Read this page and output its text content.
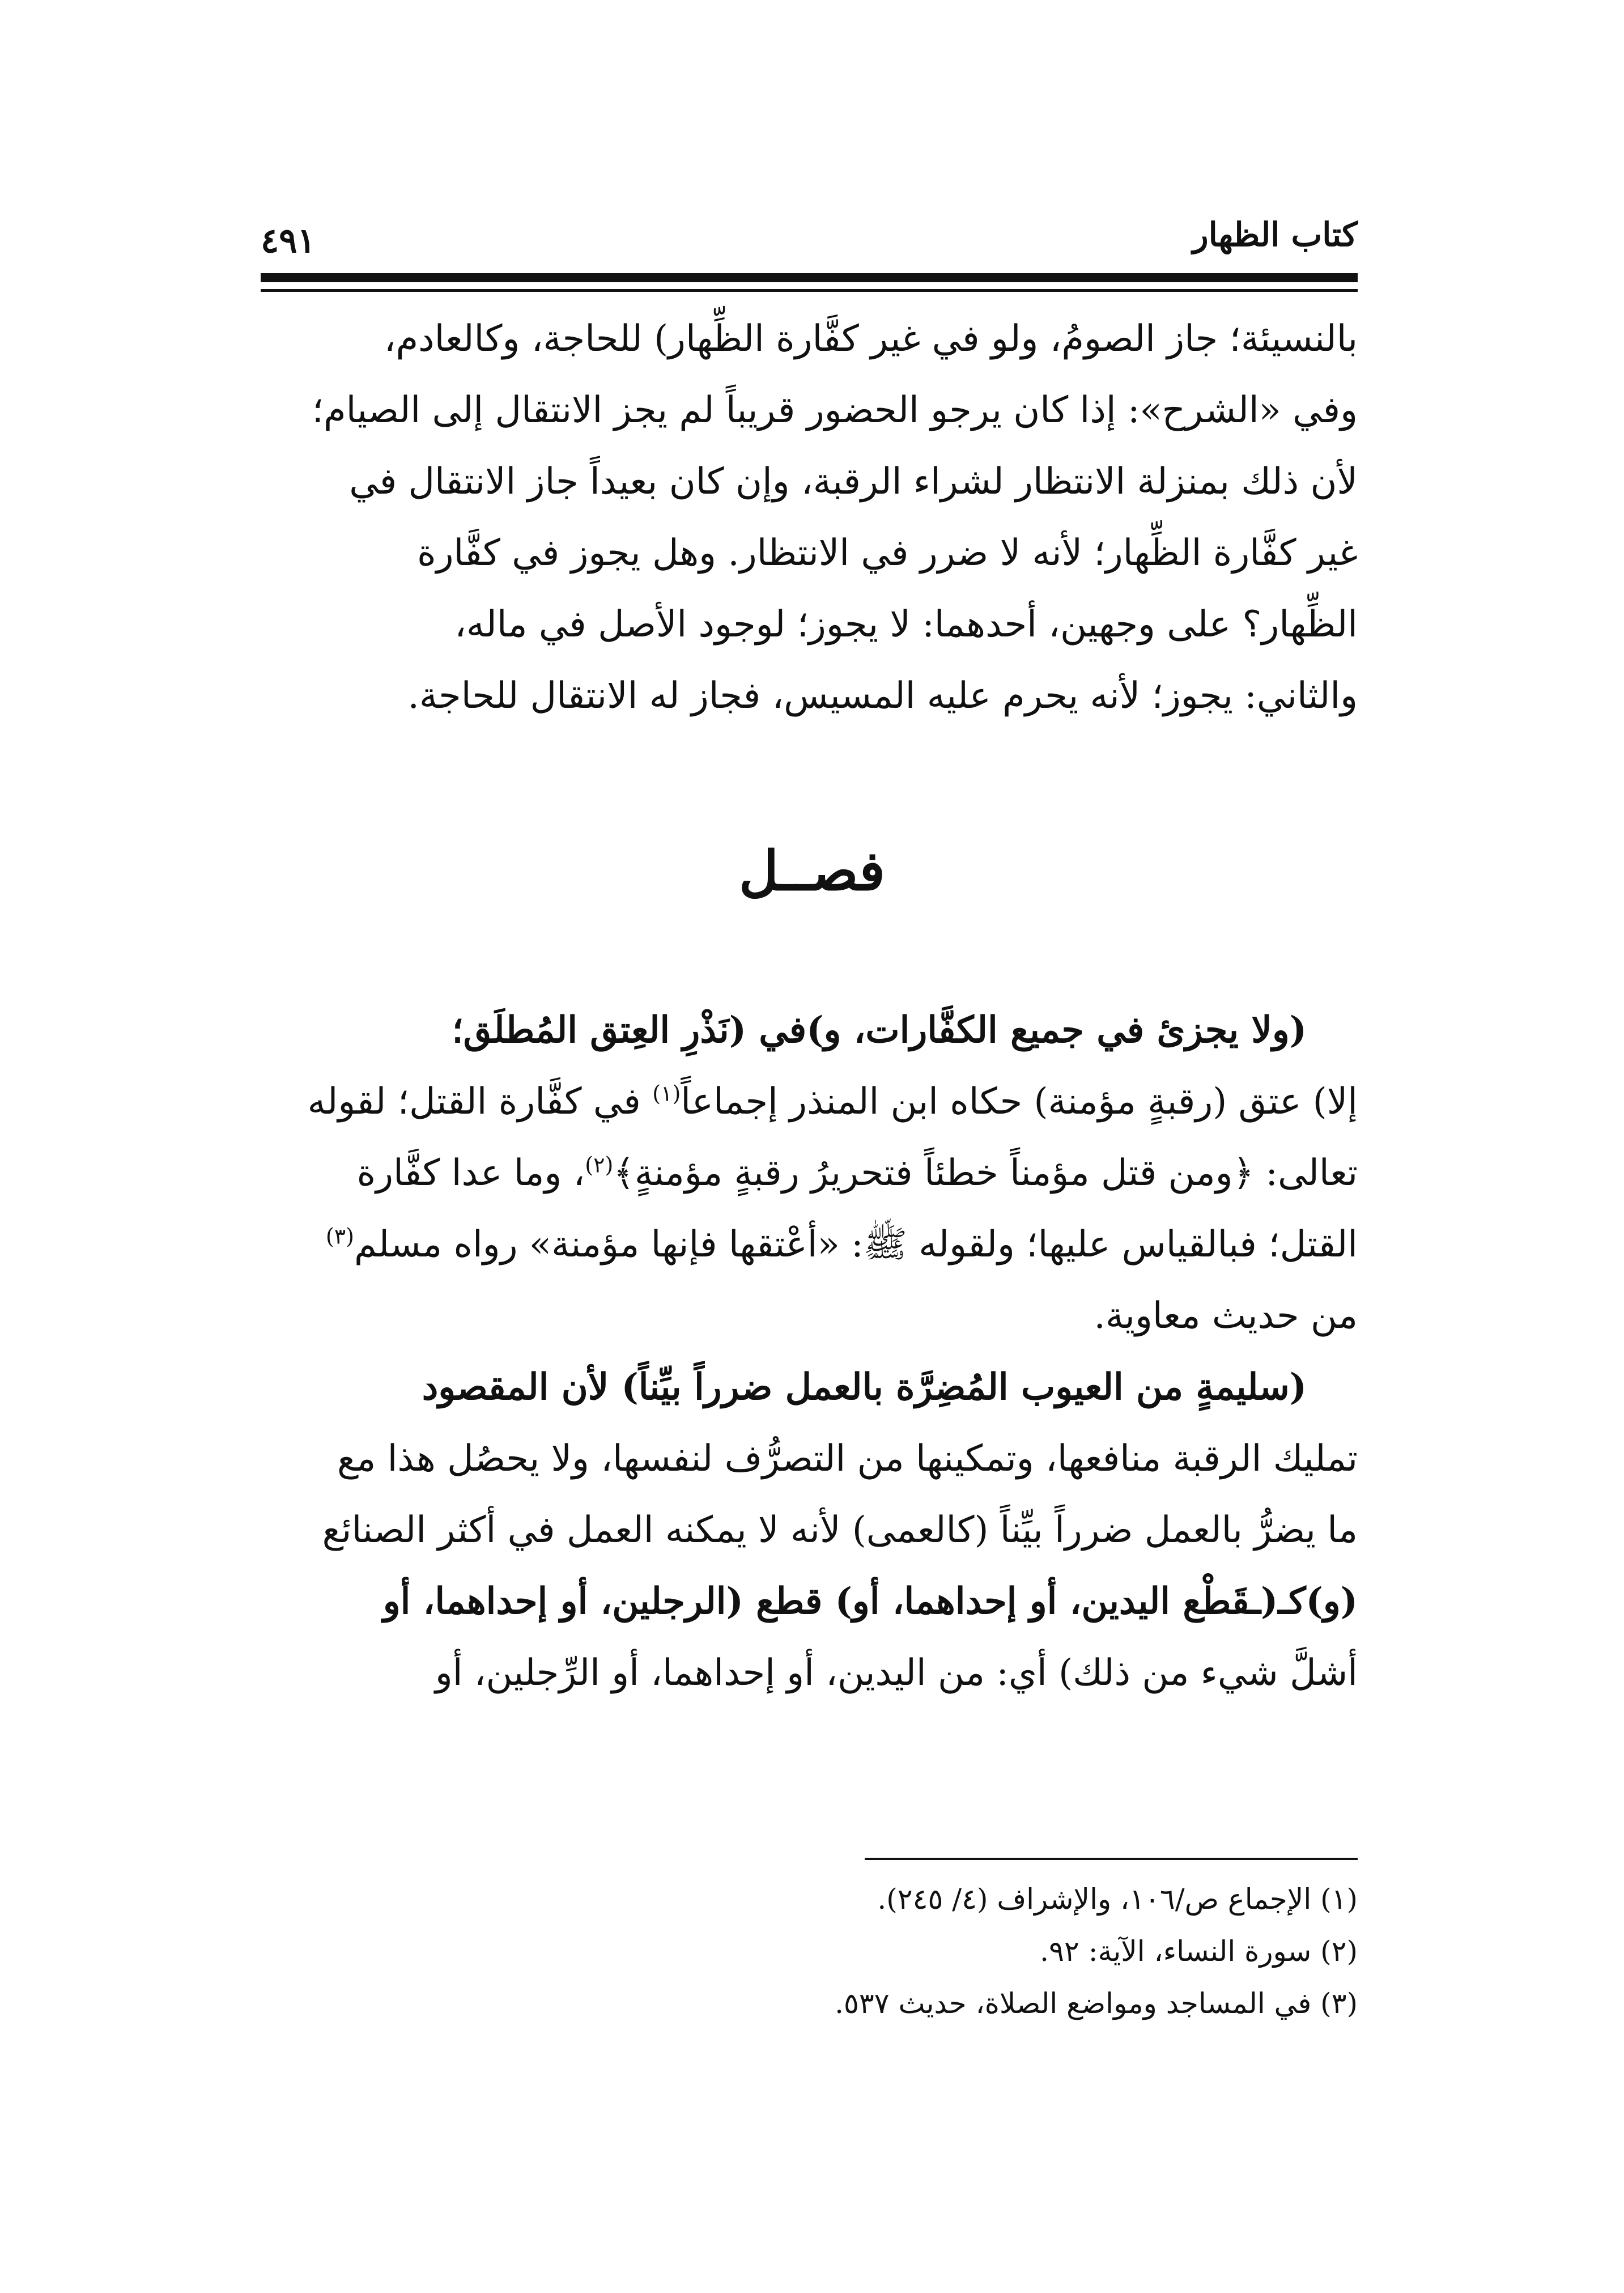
كتاب الظهار
٤٩١
بالنسيئة؛ جاز الصومُ، ولو في غير كفَّارة الظِّهار) للحاجة، وكالعادم،
وفي «الشرح»: إذا كان يرجو الحضور قريباً لم يجز الانتقال إلى الصيام؛
لأن ذلك بمنزلة الانتظار لشراء الرقبة، وإن كان بعيداً جاز الانتقال في
غير كفَّارة الظِّهار؛ لأنه لا ضرر في الانتظار. وهل يجوز في كفَّارة
الظِّهار؟ على وجهين، أحدهما: لا يجوز؛ لوجود الأصل في ماله،
والثاني: يجوز؛ لأنه يحرم عليه المسيس، فجاز له الانتقال للحاجة.
فصــل
(ولا يجزئ في جميع الكفَّارات، و)في (نَذْرِ العِتق المُطلَق؛
إلا) عتق (رقبةٍ مؤمنة) حكاه ابن المنذر إجماعاً$^{(١)}$ في كفَّارة القتل؛ لقوله
تعالى: ﴿ومن قتل مؤمناً خطئاً فتحريرُ رقبةٍ مؤمنةٍ﴾$^{(٢)}$، وما عدا كفَّارة
القتل؛ فبالقياس عليها؛ ولقوله ﷺ: «أعْتقها فإنها مؤمنة» رواه مسلم$^{(٣)}$
من حديث معاوية.
(سليمةٍ من العيوب المُضِرَّة بالعمل ضرراً بيِّناً) لأن المقصود
تمليك الرقبة منافعها، وتمكينها من التصرُّف لنفسها، ولا يحصُل هذا مع
ما يضرُّ بالعمل ضرراً بيِّناً (كالعمى) لأنه لا يمكنه العمل في أكثر الصنائع
(و)كـ(ـقَطْع اليدين، أو إحداهما، أو) قطع (الرجلين، أو إحداهما، أو
أشلَّ شيء من ذلك) أي: من اليدين، أو إحداهما، أو الرِّجلين، أو
(١) الإجماع ص/١٠٦، والإشراف (٤/ ٢٤٥).
(٢) سورة النساء، الآية: ٩٢.
(٣) في المساجد ومواضع الصلاة، حديث ٥٣٧.
